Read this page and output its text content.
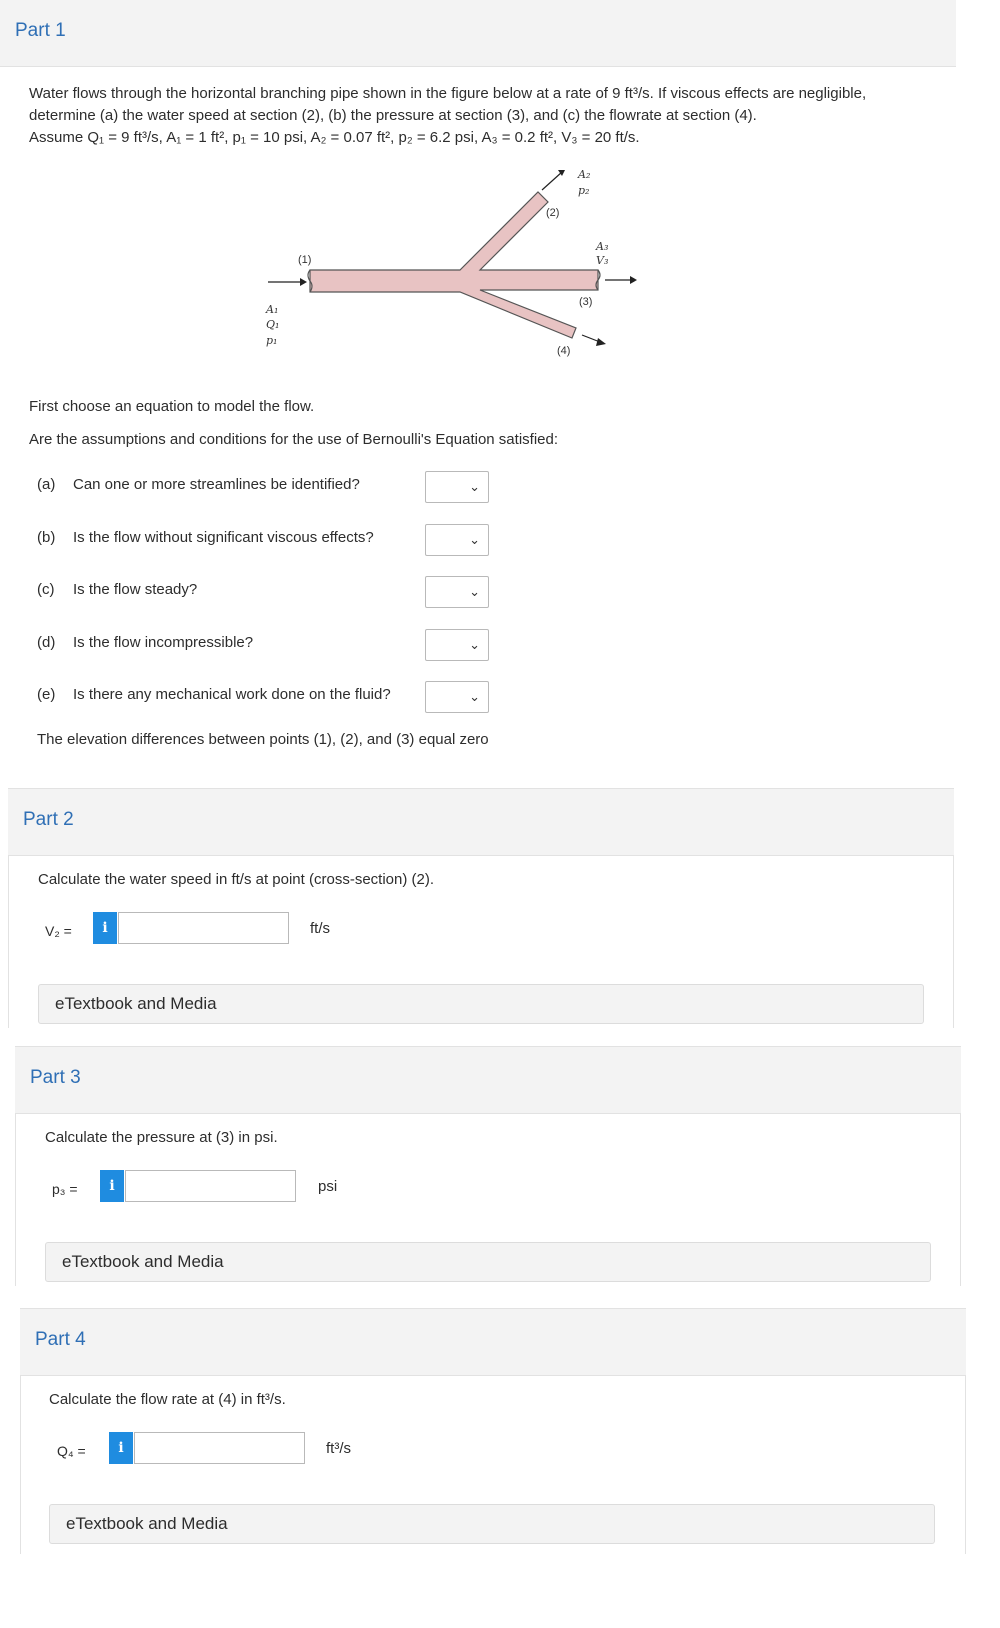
Part 1
Water flows through the horizontal branching pipe shown in the figure below at a rate of 9 ft³/s. If viscous effects are negligible,
determine (a) the water speed at section (2), (b) the pressure at section (3), and (c) the flowrate at section (4).
Assume Q₁ = 9 ft³/s, A₁ = 1 ft², p₁ = 10 psi, A₂ = 0.07 ft², p₂ = 6.2 psi, A₃ = 0.2 ft², V₃ = 20 ft/s.
(1)
(2)
(3)
(4)
A₁
Q₁
p₁
A₂
p₂
A₃
V₃
First choose an equation to model the flow.
Are the assumptions and conditions for the use of Bernoulli's Equation satisfied:
(a) Can one or more streamlines be identified?	⌄
(b) Is the flow without significant viscous effects?	⌄
(c) Is the flow steady?	⌄
(d) Is the flow incompressible?	⌄
(e) Is there any mechanical work done on the fluid?	⌄
The elevation differences between points (1), (2), and (3) equal zero
Part 2
Calculate the water speed in ft/s at point (cross-section) (2).
V₂ =	i	ft/s
eTextbook and Media
Part 3
Calculate the pressure at (3) in psi.
p₃ =	i	psi
eTextbook and Media
Part 4
Calculate the flow rate at (4) in ft³/s.
Q₄ =	i	ft³/s
eTextbook and Media
